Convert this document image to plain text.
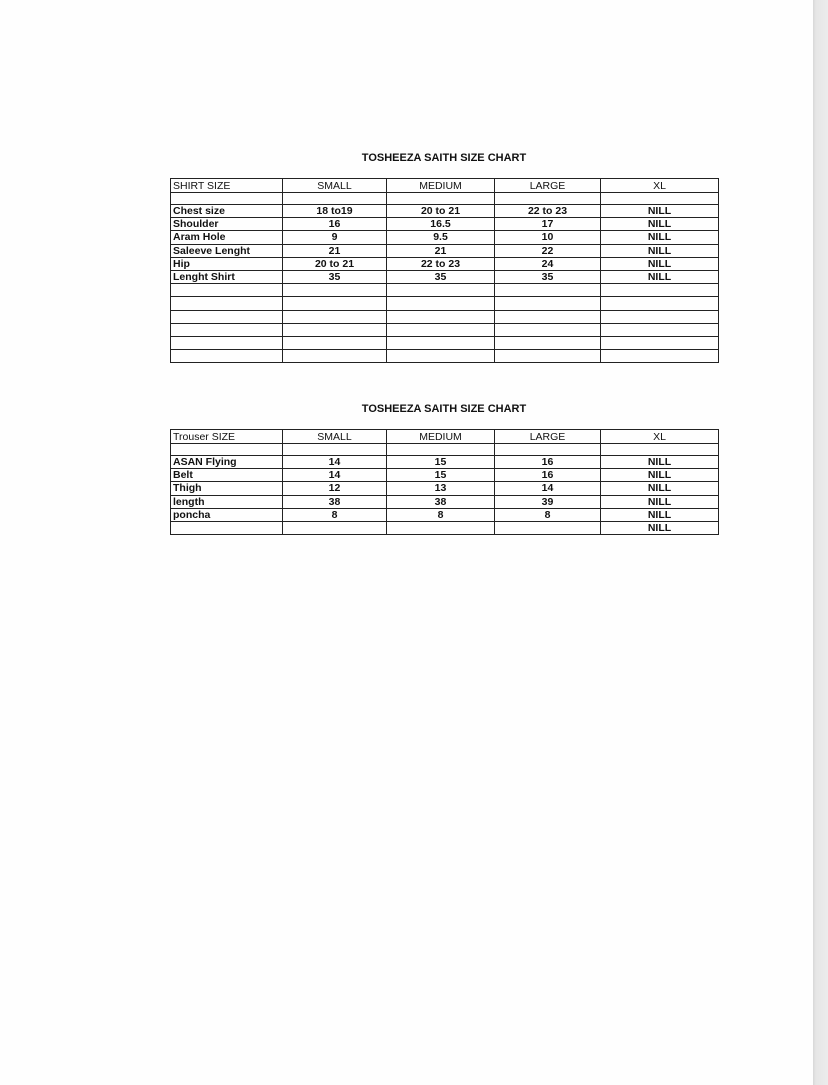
TOSHEEZA SAITH SIZE CHART
SHIRT SIZE	SMALL	MEDIUM	LARGE	XL

Chest size	18 to19	20 to 21	22 to 23	NILL
Shoulder	16	16.5	17	NILL
Aram Hole	9	9.5	10	NILL
Saleeve Lenght	21	21	22	NILL
Hip	20 to 21	22 to 23	24	NILL
Lenght Shirt	35	35	35	NILL

TOSHEEZA SAITH SIZE CHART
Trouser SIZE	SMALL	MEDIUM	LARGE	XL

ASAN Flying	14	15	16	NILL
Belt	14	15	16	NILL
Thigh	12	13	14	NILL
length	38	38	39	NILL
poncha	8	8	8	NILL
				NILL
